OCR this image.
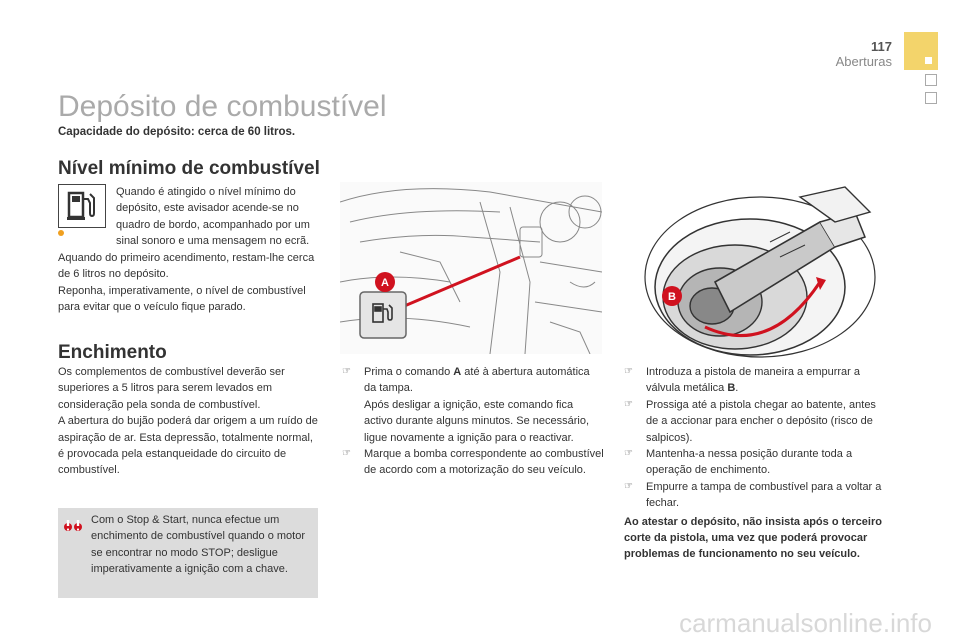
117
Aberturas
Depósito de combustível
Capacidade do depósito: cerca de 60 litros.
Nível mínimo de combustível
Quando é atingido o nível mínimo do depósito, este avisador acende-se no quadro de bordo, acompanhado por um sinal sonoro e uma mensagem no ecrã.
Aquando do primeiro acendimento, restam-lhe cerca de 6 litros no depósito.
Reponha, imperativamente, o nível de combustível para evitar que o veículo fique parado.
Enchimento
Os complementos de combustível deverão ser superiores a 5 litros para serem levados em consideração pela sonda de combustível.
A abertura do bujão poderá dar origem a um ruído de aspiração de ar. Esta depressão, totalmente normal, é provocada pela estanqueidade do circuito de combustível.
Com o Stop & Start, nunca efectue um enchimento de combustível quando o motor se encontrar no modo STOP; desligue imperativamente a ignição com a chave.
A
B
☞ Prima o comando A até à abertura automática da tampa.
Após desligar a ignição, este comando fica activo durante alguns minutos. Se necessário, ligue novamente a ignição para o reactivar.
☞ Marque a bomba correspondente ao combustível de acordo com a motorização do seu veículo.
☞ Introduza a pistola de maneira a empurrar a válvula metálica B.
☞ Prossiga até a pistola chegar ao batente, antes de a accionar para encher o depósito (risco de salpicos).
☞ Mantenha-a nessa posição durante toda a operação de enchimento.
☞ Empurre a tampa de combustível para a voltar a fechar.
Ao atestar o depósito, não insista após o terceiro corte da pistola, uma vez que poderá provocar problemas de funcionamento no seu veículo.
carmanualsonline.info
